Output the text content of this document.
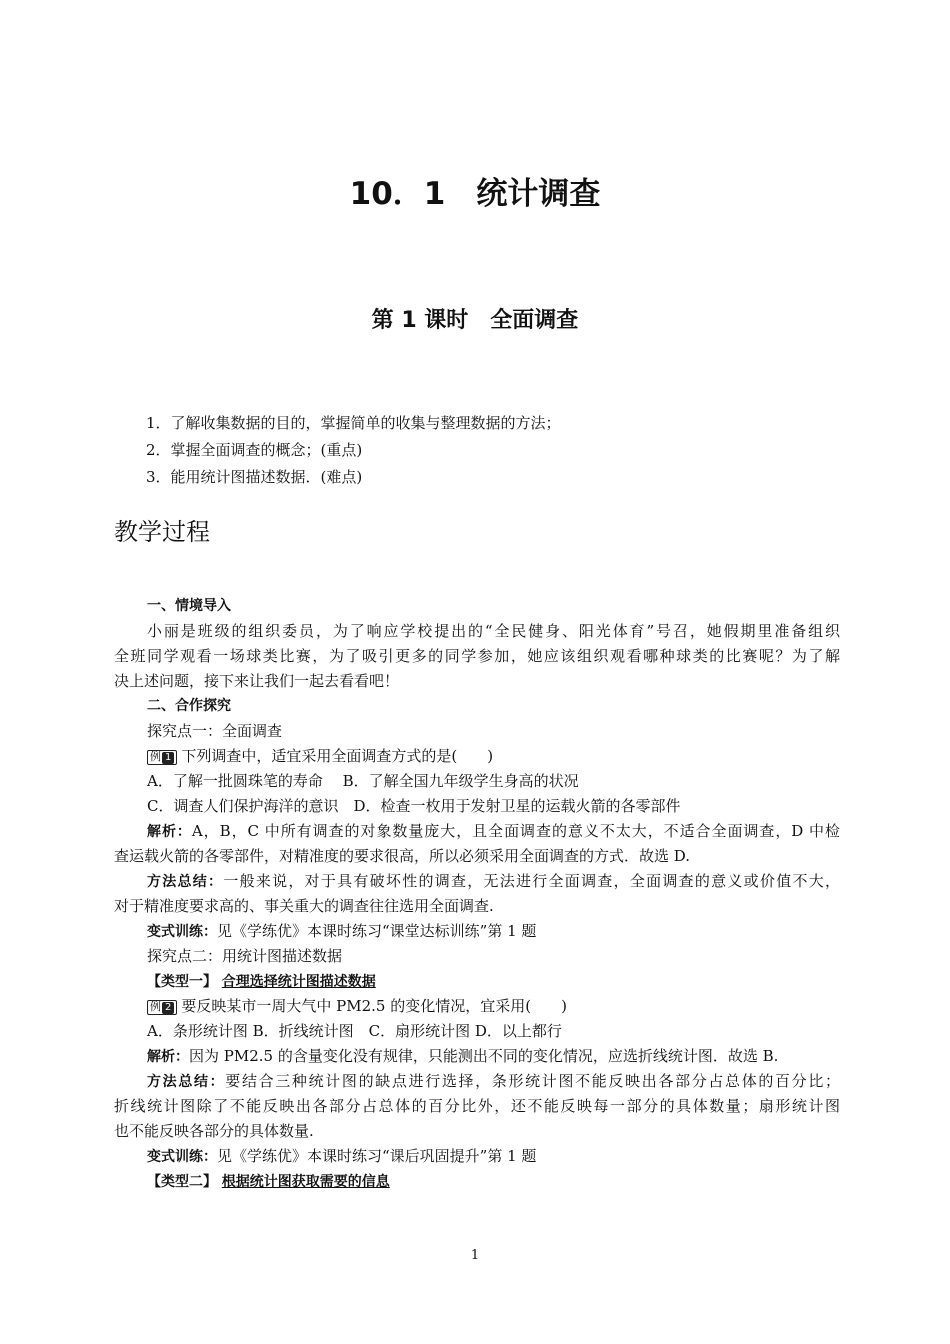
10．1　统计调查
第 1 课时　全面调查
1．了解收集数据的目的，掌握简单的收集与整理数据的方法；
2．掌握全面调查的概念；(重点)
3．能用统计图描述数据．(难点)
教学过程
一、情境导入
小丽是班级的组织委员，为了响应学校提出的“全民健身、阳光体育”号召，她假期里准备组织
全班同学观看一场球类比赛，为了吸引更多的同学参加，她应该组织观看哪种球类的比赛呢？为了解
决上述问题，接下来让我们一起去看看吧！
二、合作探究
探究点一：全面调查
例 1 下列调查中，适宜采用全面调查方式的是(　　)
A．了解一批圆珠笔的寿命　 B．了解全国九年级学生身高的状况
C．调查人们保护海洋的意识　D．检查一枚用于发射卫星的运载火箭的各零部件
解析：A，B，C 中所有调查的对象数量庞大，且全面调查的意义不太大，不适合全面调查，D 中检
查运载火箭的各零部件，对精准度的要求很高，所以必须采用全面调查的方式．故选 D.
方法总结：一般来说，对于具有破坏性的调查，无法进行全面调查，全面调查的意义或价值不大，
对于精准度要求高的、事关重大的调查往往选用全面调查.
变式训练：见《学练优》本课时练习“课堂达标训练”第 1 题
探究点二：用统计图描述数据
【类型一】 合理选择统计图描述数据
例 2 要反映某市一周大气中 PM2.5 的变化情况，宜采用(　　)
A．条形统计图 B．折线统计图　C．扇形统计图 D．以上都行
解析：因为 PM2.5 的含量变化没有规律，只能测出不同的变化情况，应选折线统计图．故选 B.
方法总结：要结合三种统计图的缺点进行选择，条形统计图不能反映出各部分占总体的百分比；
折线统计图除了不能反映出各部分占总体的百分比外，还不能反映每一部分的具体数量；扇形统计图
也不能反映各部分的具体数量.
变式训练：见《学练优》本课时练习“课后巩固提升”第 1 题
【类型二】 根据统计图获取需要的信息
1
